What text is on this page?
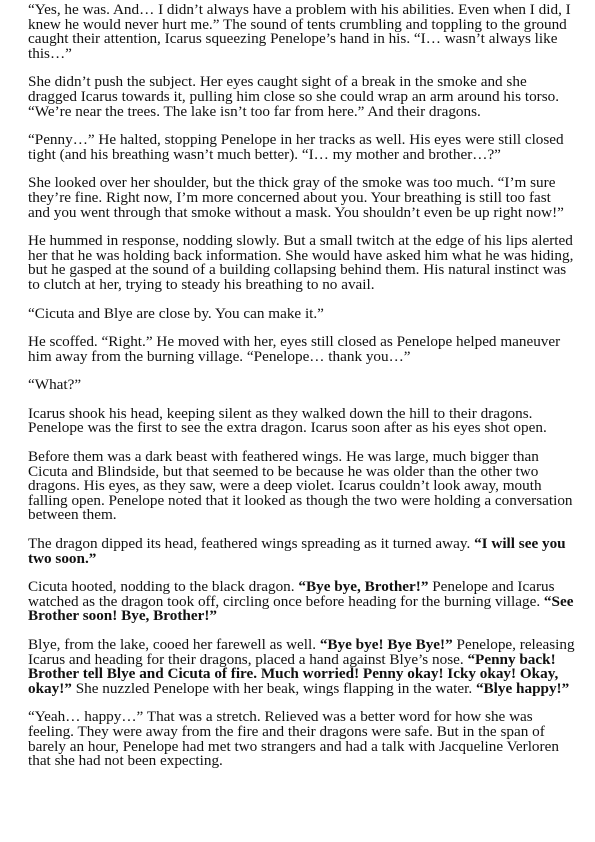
“Yes, he was. And… I didn’t always have a problem with his abilities. Even when I did, I knew he would never hurt me.” The sound of tents crumbling and toppling to the ground caught their attention, Icarus squeezing Penelope’s hand in his. “I… wasn’t always like this…”

She didn’t push the subject. Her eyes caught sight of a break in the smoke and she dragged Icarus towards it, pulling him close so she could wrap an arm around his torso. “We’re near the trees. The lake isn’t too far from here.” And their dragons.

“Penny…” He halted, stopping Penelope in her tracks as well. His eyes were still closed tight (and his breathing wasn’t much better). “I… my mother and brother…?”

She looked over her shoulder, but the thick gray of the smoke was too much. “I’m sure they’re fine. Right now, I’m more concerned about you. Your breathing is still too fast and you went through that smoke without a mask. You shouldn’t even be up right now!”

He hummed in response, nodding slowly. But a small twitch at the edge of his lips alerted her that he was holding back information. She would have asked him what he was hiding, but he gasped at the sound of a building collapsing behind them. His natural instinct was to clutch at her, trying to steady his breathing to no avail.

“Cicuta and Blye are close by. You can make it.”

He scoffed. “Right.” He moved with her, eyes still closed as Penelope helped maneuver him away from the burning village. “Penelope… thank you…”

“What?”

Icarus shook his head, keeping silent as they walked down the hill to their dragons. Penelope was the first to see the extra dragon. Icarus soon after as his eyes shot open.

Before them was a dark beast with feathered wings. He was large, much bigger than Cicuta and Blindside, but that seemed to be because he was older than the other two dragons. His eyes, as they saw, were a deep violet. Icarus couldn’t look away, mouth falling open. Penelope noted that it looked as though the two were holding a conversation between them.

The dragon dipped its head, feathered wings spreading as it turned away. “I will see you two soon.”

Cicuta hooted, nodding to the black dragon. “Bye bye, Brother!” Penelope and Icarus watched as the dragon took off, circling once before heading for the burning village. “See Brother soon! Bye, Brother!”

Blye, from the lake, cooed her farewell as well. “Bye bye! Bye Bye!” Penelope, releasing Icarus and heading for their dragons, placed a hand against Blye’s nose. “Penny back! Brother tell Blye and Cicuta of fire. Much worried! Penny okay! Icky okay! Okay, okay!” She nuzzled Penelope with her beak, wings flapping in the water. “Blye happy!”

“Yeah… happy…” That was a stretch. Relieved was a better word for how she was feeling. They were away from the fire and their dragons were safe. But in the span of barely an hour, Penelope had met two strangers and had a talk with Jacqueline Verloren that she had not been expecting.
